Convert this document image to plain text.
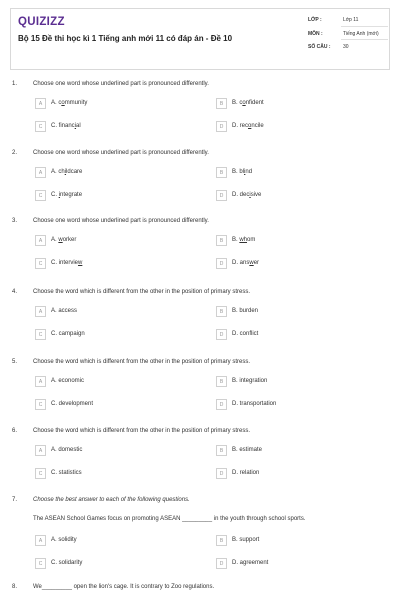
QUIZIZZ
Bộ 15 Đề thi học kì 1 Tiếng anh mới 11 có đáp án - Đề 10
LỚP :	Lớp 11
MÔN :	Tiếng Anh (mới)
SỐ CÂU :	30
1.	Choose one word whose underlined part is pronounced differently.
A	A. community	B	B. confident
C	C. financial	D	D. reconcile
2.	Choose one word whose underlined part is pronounced differently.
A	A. childcare	B	B. blind
C	C. integrate	D	D. decisive
3.	Choose one word whose underlined part is pronounced differently.
A	A. worker	B	B. whom
C	C. interview	D	D. answer
4.	Choose the word which is different from the other in the position of primary stress.
A	A. access	B	B. burden
C	C. campaign	D	D. conflict
5.	Choose the word which is different from the other in the position of primary stress.
A	A. economic	B	B. integration
C	C. development	D	D. transportation
6.	Choose the word which is different from the other in the position of primary stress.
A	A. domestic	B	B. estimate
C	C. statistics	D	D. relation
7.	Choose the best answer to each of the following questions.
The ASEAN School Games focus on promoting ASEAN _________ in the youth through school sports.
A	A. solidity	B	B. support
C	C. solidarity	D	D. agreement
8.	We_________ open the lion's cage. It is contrary to Zoo regulations.
